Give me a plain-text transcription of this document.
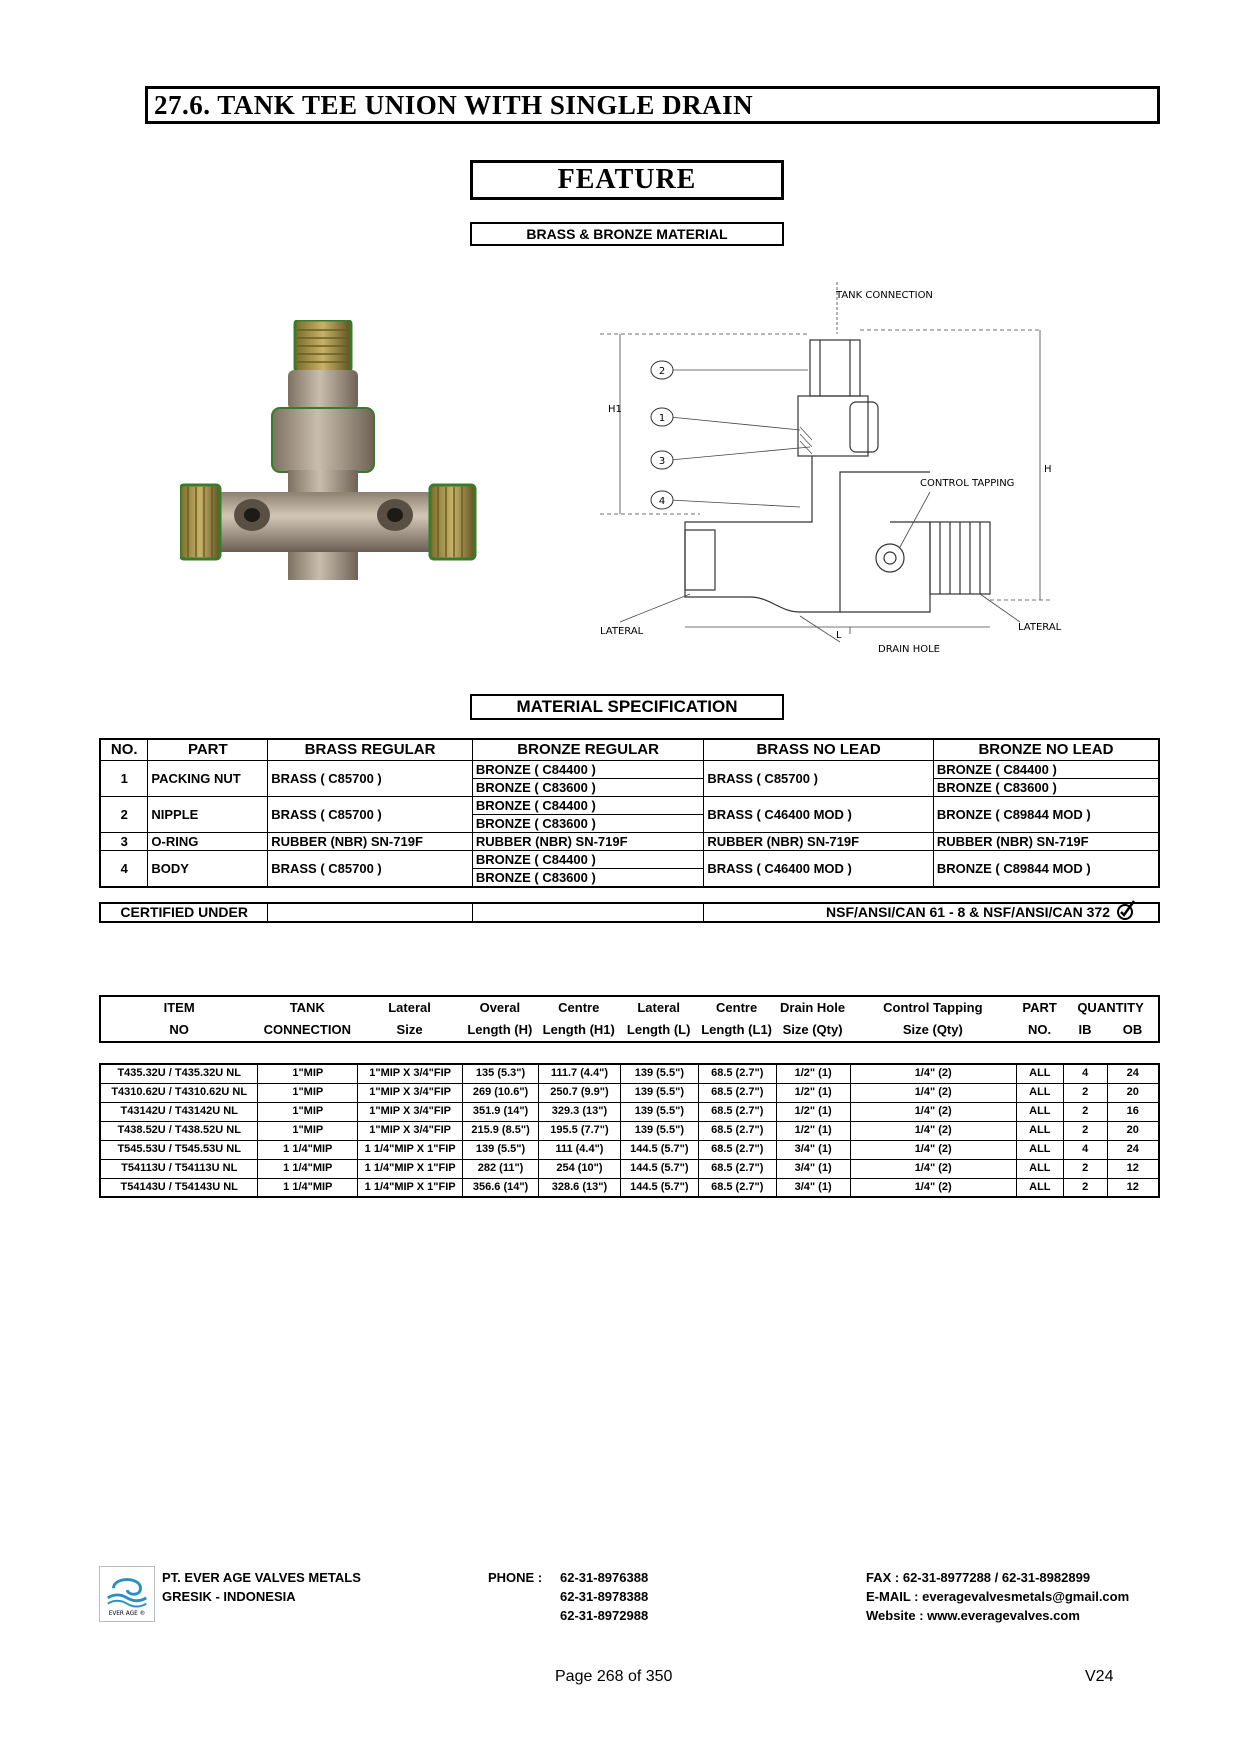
27.6. TANK TEE UNION WITH SINGLE DRAIN
FEATURE
BRASS & BRONZE MATERIAL
2
1
3
4
TANK CONNECTION
CONTROL TAPPING
LATERAL	LATERAL
DRAIN HOLE
H1
H
L
MATERIAL SPECIFICATION
NO.	PART	BRASS REGULAR	BRONZE REGULAR	BRASS NO LEAD	BRONZE NO LEAD
1	PACKING NUT	BRASS ( C85700 )	BRONZE ( C84400 )	BRASS ( C85700 )	BRONZE ( C84400 )
			BRONZE ( C83600 )		BRONZE ( C83600 )
2	NIPPLE	BRASS ( C85700 )	BRONZE ( C84400 )	BRASS ( C46400 MOD )	BRONZE ( C89844 MOD )
			BRONZE ( C83600 )		
3	O-RING	RUBBER (NBR) SN-719F	RUBBER (NBR) SN-719F	RUBBER (NBR) SN-719F	RUBBER (NBR) SN-719F
4	BODY	BRASS ( C85700 )	BRONZE ( C84400 )	BRASS ( C46400 MOD )	BRONZE ( C89844 MOD )
			BRONZE ( C83600 )		
CERTIFIED UNDER			NSF/ANSI/CAN 61 - 8 & NSF/ANSI/CAN 372
ITEM	TANK	Lateral	Overal	Centre	Lateral	Centre	Drain Hole	Control Tapping	PART	QUANTITY	
NO	CONNECTION	Size	Length (H)	Length (H1)	Length (L)	Length (L1)	Size (Qty)	Size (Qty)	NO.	IB	OB
T435.32U / T435.32U NL	1"MIP	1"MIP X 3/4"FIP	135 (5.3")	111.7 (4.4")	139 (5.5")	68.5 (2.7")	1/2" (1)	1/4" (2)	ALL	4	24
T4310.62U / T4310.62U NL	1"MIP	1"MIP X 3/4"FIP	269 (10.6")	250.7 (9.9")	139 (5.5")	68.5 (2.7")	1/2" (1)	1/4" (2)	ALL	2	20
T43142U / T43142U NL	1"MIP	1"MIP X 3/4"FIP	351.9 (14")	329.3 (13")	139 (5.5")	68.5 (2.7")	1/2" (1)	1/4" (2)	ALL	2	16
T438.52U / T438.52U NL	1"MIP	1"MIP X 3/4"FIP	215.9 (8.5")	195.5 (7.7")	139 (5.5")	68.5 (2.7")	1/2" (1)	1/4" (2)	ALL	2	20
T545.53U / T545.53U NL	1 1/4"MIP	1 1/4"MIP X 1"FIP	139 (5.5")	111 (4.4")	144.5 (5.7")	68.5 (2.7")	3/4" (1)	1/4" (2)	ALL	4	24
T54113U / T54113U NL	1 1/4"MIP	1 1/4"MIP X 1"FIP	282 (11")	254 (10")	144.5 (5.7")	68.5 (2.7")	3/4" (1)	1/4" (2)	ALL	2	12
T54143U / T54143U NL	1 1/4"MIP	1 1/4"MIP X 1"FIP	356.6 (14")	328.6 (13")	144.5 (5.7")	68.5 (2.7")	3/4" (1)	1/4" (2)	ALL	2	12
EVER AGE ®
PT. EVER AGE VALVES METALS
GRESIK - INDONESIA
PHONE : 62-31-8976388
62-31-8978388
62-31-8972988
FAX : 62-31-8977288 / 62-31-8982899
E-MAIL : everagevalvesmetals@gmail.com
Website : www.everagevalves.com
Page 268 of 350	V24
